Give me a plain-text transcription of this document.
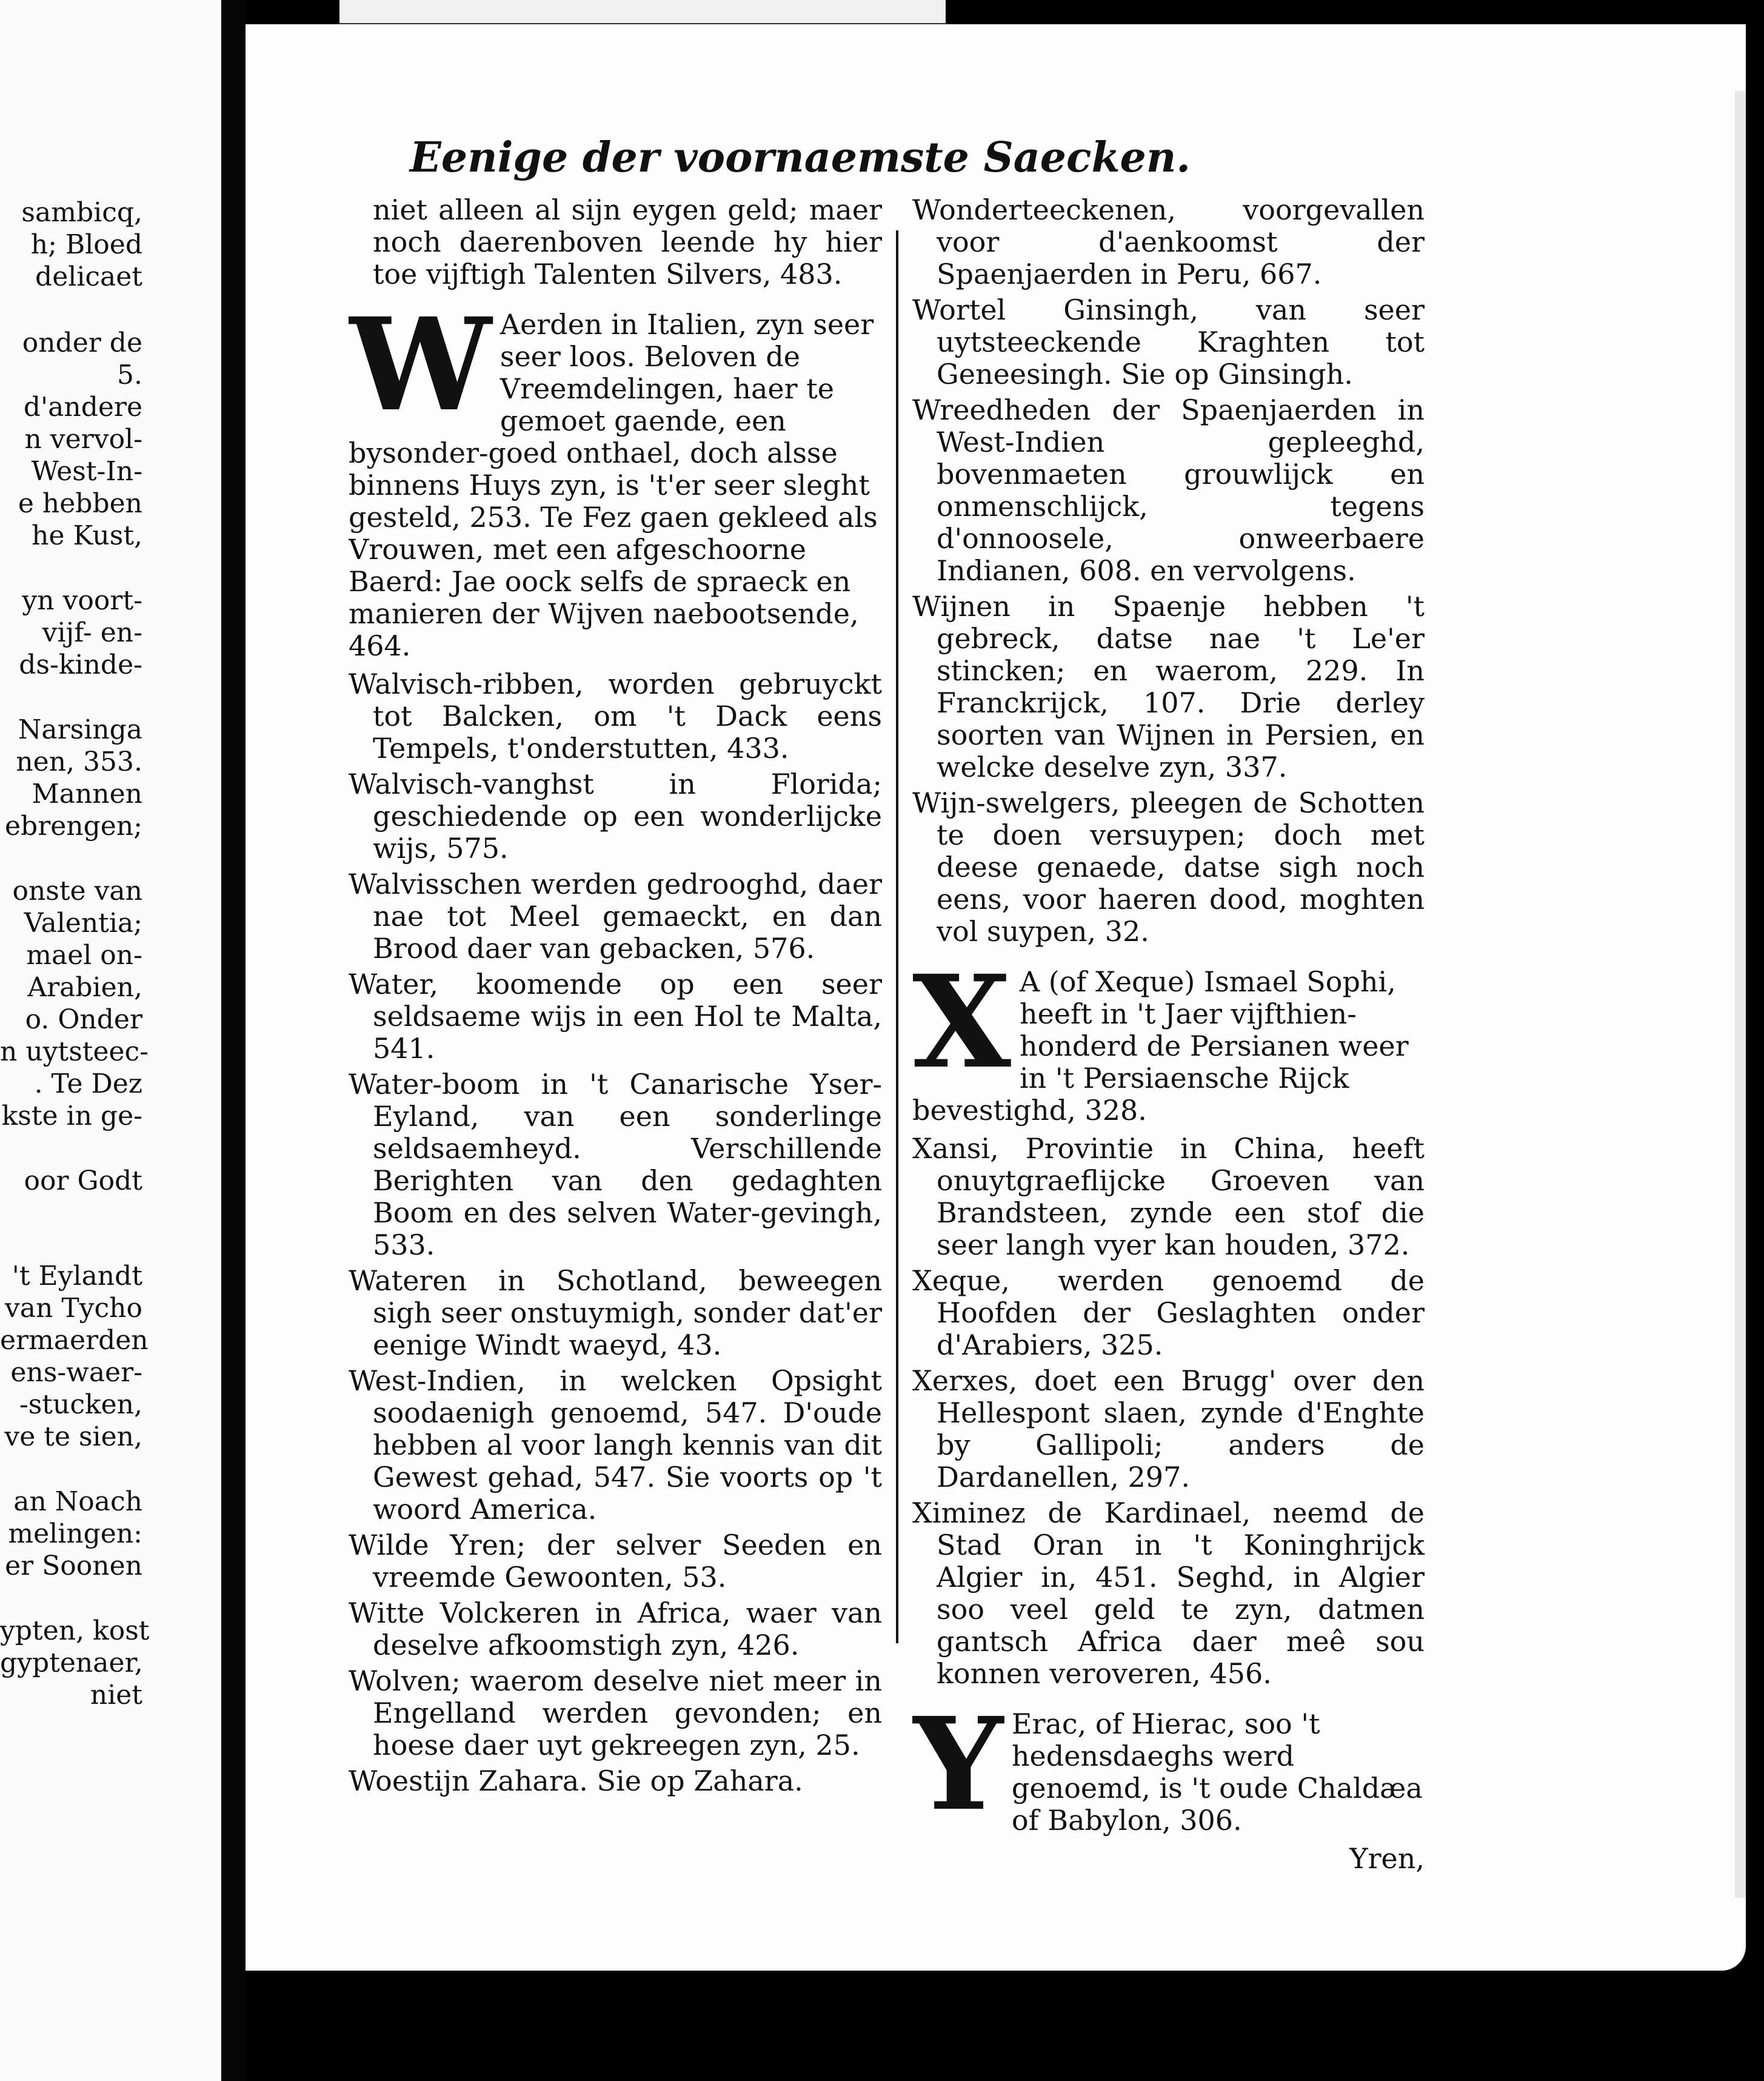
sambicq,
h; Bloed
delicaet
onder de
5.
d'andere
n vervol-
West-In-
e hebben
he Kust,
yn voort-
vijf- en-
ds-kinde-
Narsinga
nen, 353.
Mannen
ebrengen;
onste van
Valentia;
mael on-
Arabien,
o. Onder
n uytsteec-
. Te Dez
kste in ge-
oor Godt
't Eylandt
van Tycho
ermaerden
ens-waer-
-stucken,
ve te sien,
an Noach
melingen:
er Soonen
ypten, kost
gyptenaer,
niet
Eenige der voornaemste Saecken.

niet alleen al sijn eygen geld; maer noch daerenboven leende hy hier toe vijftigh Talenten Silvers, 483.

W Aerden in Italien, zyn seer seer loos. Beloven de Vreemdelingen, haer te gemoet gaende, een bysonder-goed onthael, doch alsse binnens Huys zyn, is 't'er seer sleght gesteld, 253. Te Fez gaen gekleed als Vrouwen, met een afgeschoorne Baerd: Jae oock selfs de spraeck en manieren der Wijven naebootsende, 464.

Walvisch-ribben, worden gebruyckt tot Balcken, om 't Dack eens Tempels, t'onderstutten, 433.

Walvisch-vanghst in Florida; geschiedende op een wonderlijcke wijs, 575.

Walvisschen werden gedrooghd, daer nae tot Meel gemaeckt, en dan Brood daer van gebacken, 576.

Water, koomende op een seer seldsaeme wijs in een Hol te Malta, 541.

Water-boom in 't Canarische Yser-Eyland, van een sonderlinge seldsaemheyd. Verschillende Berighten van den gedaghten Boom en des selven Water-gevingh, 533.

Wateren in Schotland, beweegen sigh seer onstuymigh, sonder dat'er eenige Windt waeyd, 43.

West-Indien, in welcken Opsight soodaenigh genoemd, 547. D'oude hebben al voor langh kennis van dit Gewest gehad, 547. Sie voorts op 't woord America.

Wilde Yren; der selver Seeden en vreemde Gewoonten, 53.

Witte Volckeren in Africa, waer van deselve afkoomstigh zyn, 426.

Wolven; waerom deselve niet meer in Engelland werden gevonden; en hoese daer uyt gekreegen zyn, 25.

Woestijn Zahara. Sie op Zahara.

Wonderteeckenen, voorgevallen voor d'aenkoomst der Spaenjaerden in Peru, 667.

Wortel Ginsingh, van seer uytsteeckende Kraghten tot Geneesingh. Sie op Ginsingh.

Wreedheden der Spaenjaerden in West-Indien gepleeghd, bovenmaeten grouwlijck en onmenschlijck, tegens d'onnoosele, onweerbaere Indianen, 608. en vervolgens.

Wijnen in Spaenje hebben 't gebreck, datse nae 't Le'er stincken; en waerom, 229. In Franckrijck, 107. Drie derley soorten van Wijnen in Persien, en welcke deselve zyn, 337.

Wijn-swelgers, pleegen de Schotten te doen versuypen; doch met deese genaede, datse sigh noch eens, voor haeren dood, moghten vol suypen, 32.

X A (of Xeque) Ismael Sophi, heeft in 't Jaer vijfthien-honderd de Persianen weer in 't Persiaensche Rijck bevestighd, 328.

Xansi, Provintie in China, heeft onuytgraeflijcke Groeven van Brandsteen, zynde een stof die seer langh vyer kan houden, 372.

Xeque, werden genoemd de Hoofden der Geslaghten onder d'Arabiers, 325.

Xerxes, doet een Brugg' over den Hellespont slaen, zynde d'Enghte by Gallipoli; anders de Dardanellen, 297.

Ximinez de Kardinael, neemd de Stad Oran in 't Koninghrijck Algier in, 451. Seghd, in Algier soo veel geld te zyn, datmen gantsch Africa daer meê sou konnen veroveren, 456.

Y Erac, of Hierac, soo 't hedensdaeghs werd genoemd, is 't oude Chaldæa of Babylon, 306.
Yren,
